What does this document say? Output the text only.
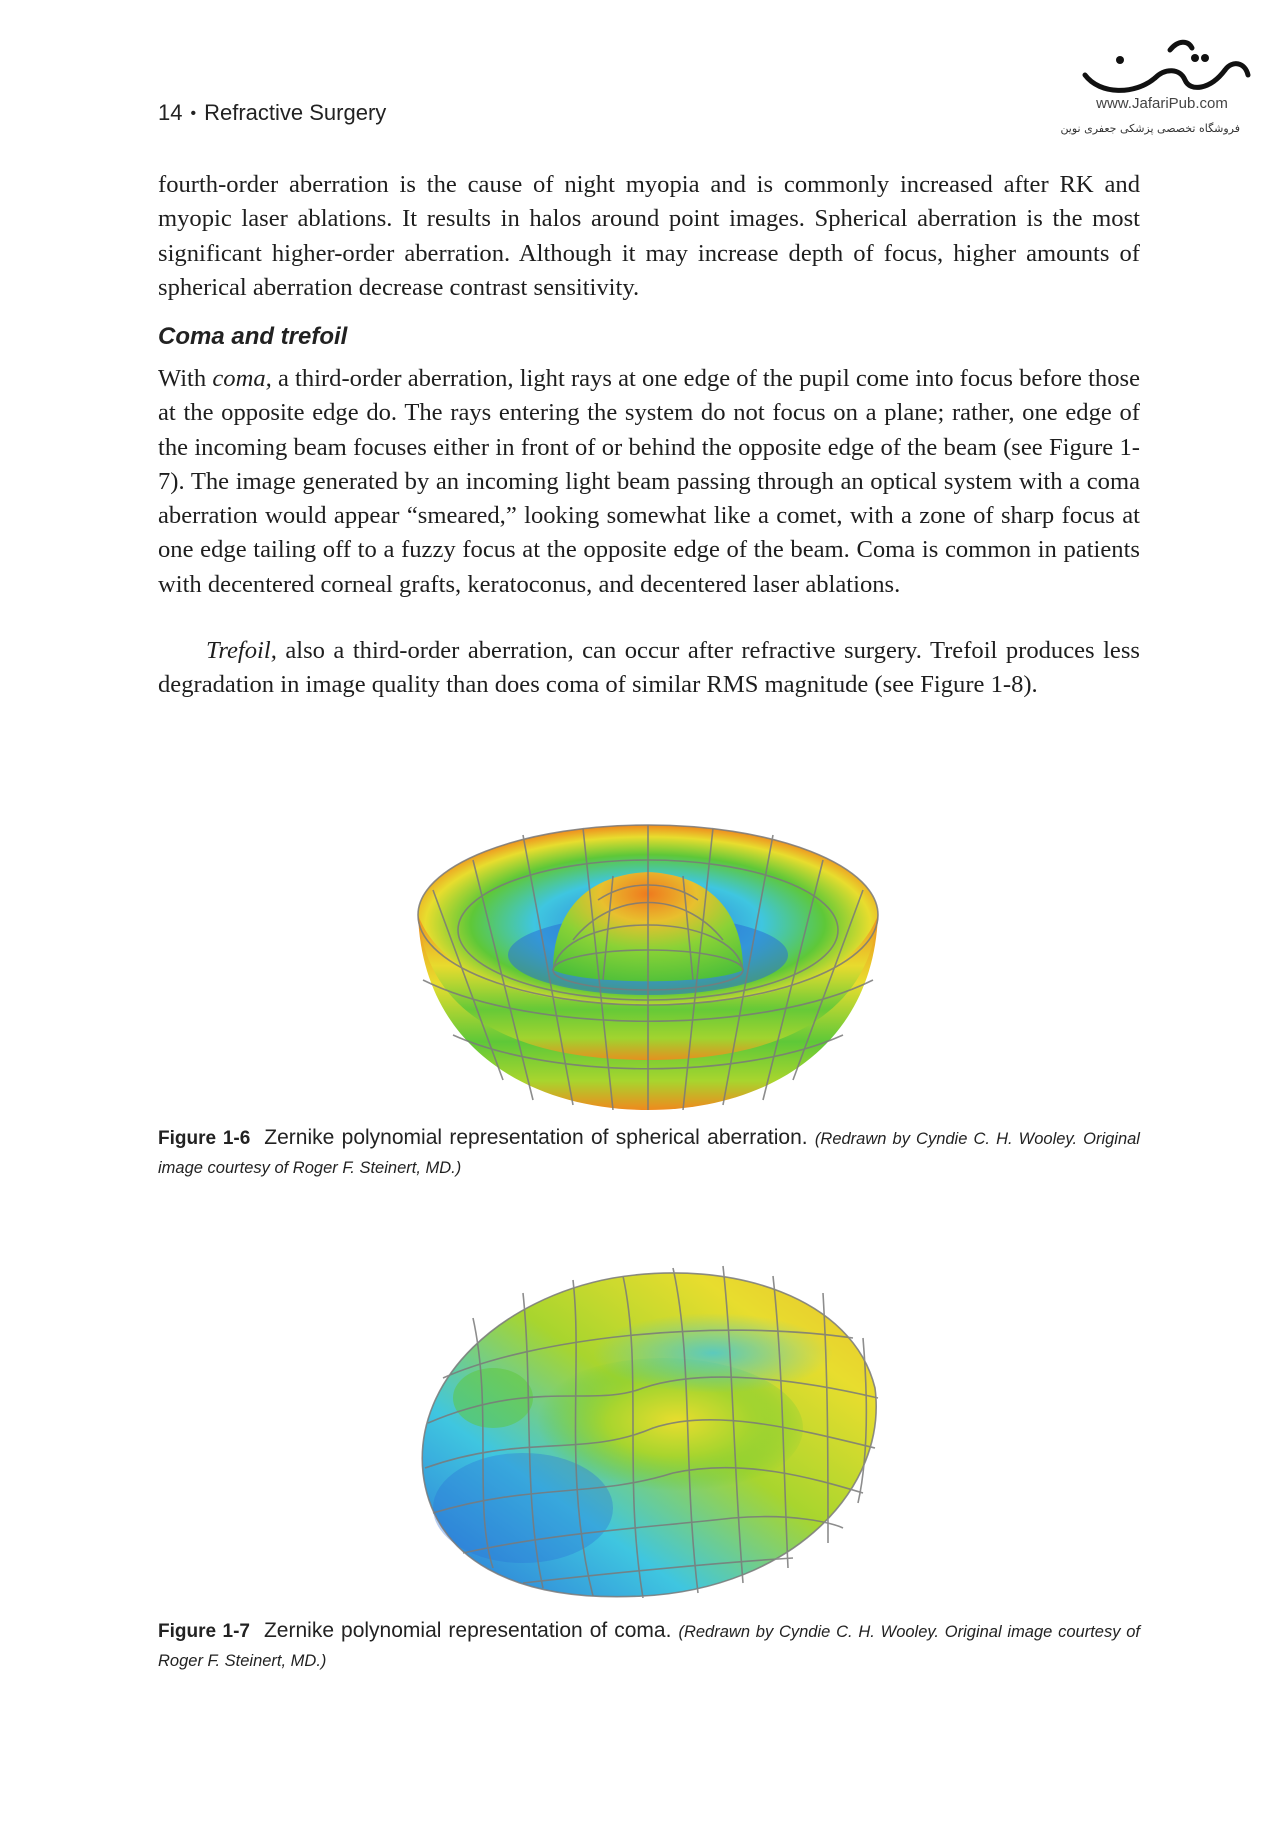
14 • Refractive Surgery	www.JafariPub.com
فروشگاه تخصصی پزشکی جعفری نوین

fourth-order aberration is the cause of night myopia and is commonly increased after RK and myopic laser ablations. It results in halos around point images. Spherical aberration is the most significant higher-order aberration. Although it may increase depth of focus, higher amounts of spherical aberration decrease contrast sensitivity.

Coma and trefoil

With coma, a third-order aberration, light rays at one edge of the pupil come into focus before those at the opposite edge do. The rays entering the system do not focus on a plane; rather, one edge of the incoming beam focuses either in front of or behind the opposite edge of the beam (see Figure 1-7). The image generated by an incoming light beam passing through an optical system with a coma aberration would appear “smeared,” looking somewhat like a comet, with a zone of sharp focus at one edge tailing off to a fuzzy focus at the opposite edge of the beam. Coma is common in patients with decentered corneal grafts, keratoconus, and decentered laser ablations.

Trefoil, also a third-order aberration, can occur after refractive surgery. Trefoil produces less degradation in image quality than does coma of similar RMS magnitude (see Figure 1-8).

Figure 1-6 Zernike polynomial representation of spherical aberration. (Redrawn by Cyndie C. H. Wooley. Original image courtesy of Roger F. Steinert, MD.)
Figure 1-7 Zernike polynomial representation of coma. (Redrawn by Cyndie C. H. Wooley. Original image courtesy of Roger F. Steinert, MD.)
